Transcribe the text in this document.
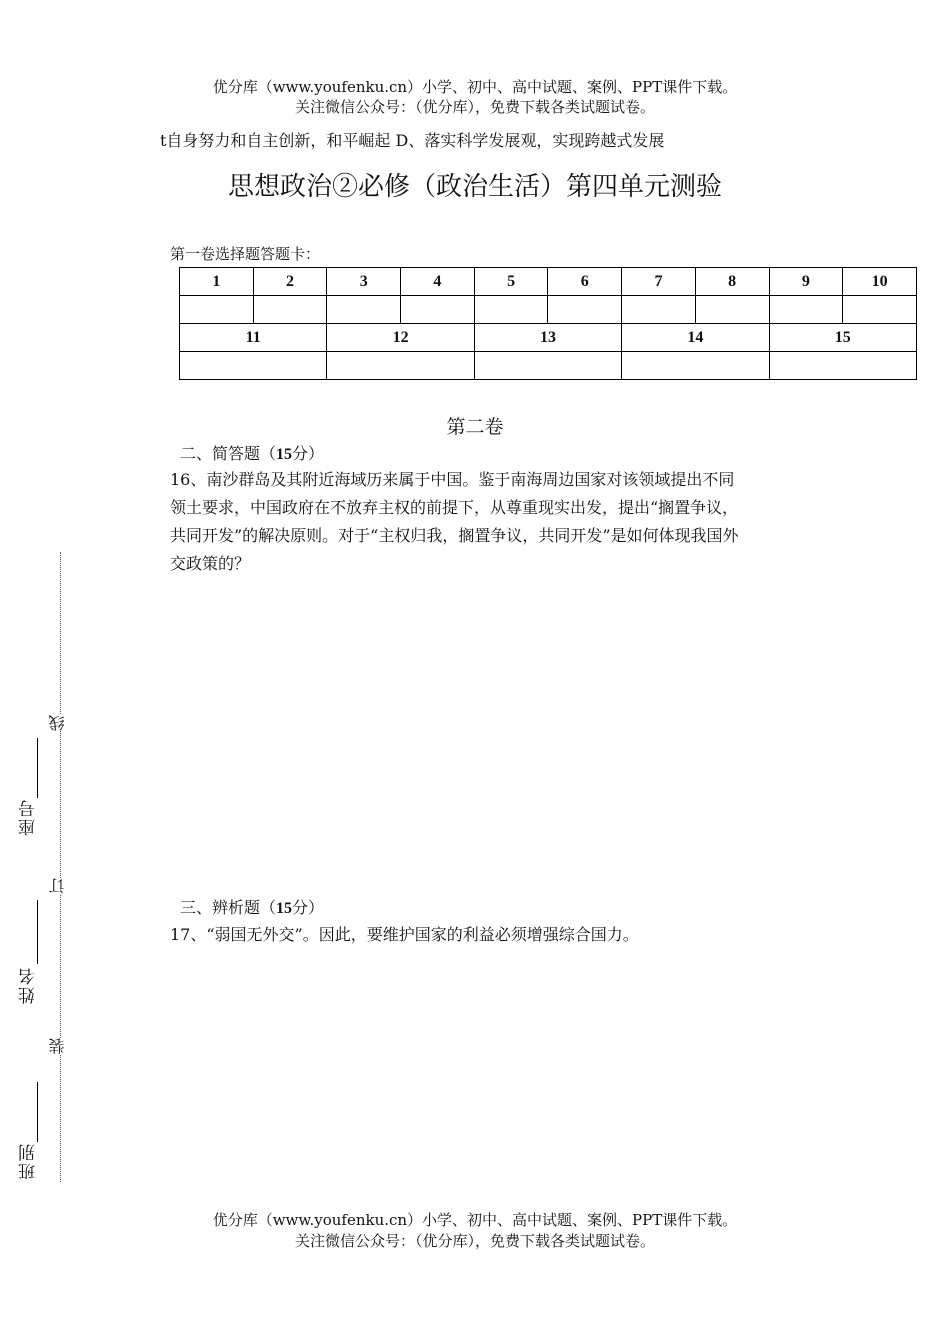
优分库（www.youfenku.cn）小学、初中、高中试题、案例、PPT课件下载。
关注微信公众号：（优分库），免费下载各类试题试卷。
t自身努力和自主创新，和平崛起 D、落实科学发展观，实现跨越式发展
思想政治②必修（政治生活）第四单元测验
第一卷选择题答题卡：
1	2	3	4	5	6	7	8	9	10

11		12		13		14		15	

第二卷
二、简答题（15分）
16、南沙群岛及其附近海域历来属于中国。鉴于南海周边国家对该领域提出不同
领土要求，中国政府在不放弃主权的前提下，从尊重现实出发，提出“搁置争议，
共同开发”的解决原则。对于“主权归我，搁置争议，共同开发”是如何体现我国外
交政策的？
三、辨析题（15分）
17、“弱国无外交”。因此，要维护国家的利益必须增强综合国力。
线
订
装
座号
姓名
班别
优分库（www.youfenku.cn）小学、初中、高中试题、案例、PPT课件下载。
关注微信公众号：（优分库），免费下载各类试题试卷。
